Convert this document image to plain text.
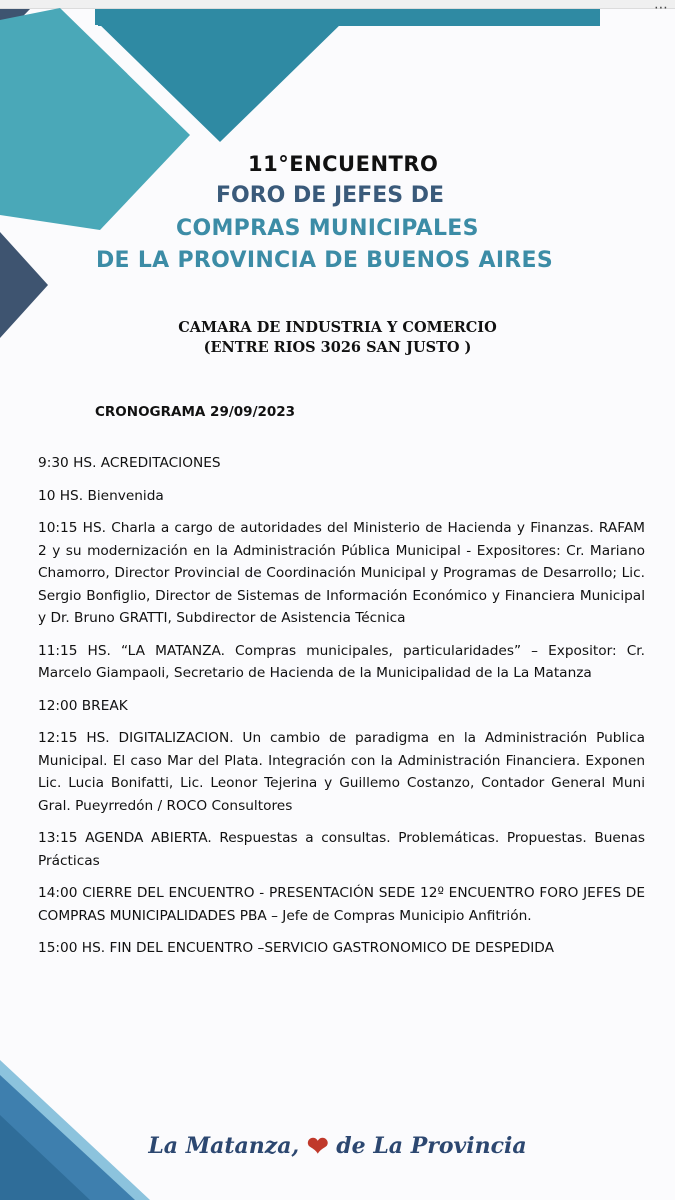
⋯
11°ENCUENTRO
FORO DE JEFES DE
COMPRAS MUNICIPALES
DE LA PROVINCIA DE BUENOS AIRES
CAMARA DE INDUSTRIA Y COMERCIO
(ENTRE RIOS 3026 SAN JUSTO )
CRONOGRAMA 29/09/2023

9:30 HS. ACREDITACIONES

10 HS. Bienvenida

10:15 HS. Charla a cargo de autoridades del Ministerio de Hacienda y Finanzas. RAFAM 2 y su modernización en la Administración Pública Municipal - Expositores: Cr. Mariano Chamorro, Director Provincial de Coordinación Municipal y Programas de Desarrollo; Lic. Sergio Bonfiglio, Director de Sistemas de Información Económico y Financiera Municipal y Dr. Bruno GRATTI, Subdirector de Asistencia Técnica

11:15 HS. “LA MATANZA. Compras municipales, particularidades” – Expositor: Cr. Marcelo Giampaoli, Secretario de Hacienda de la Municipalidad de la La Matanza

12:00 BREAK

12:15 HS. DIGITALIZACION. Un cambio de paradigma en la Administración Publica Municipal. El caso Mar del Plata. Integración con la Administración Financiera. Exponen Lic. Lucia Bonifatti, Lic. Leonor Tejerina y Guillemo Costanzo, Contador General Muni Gral. Pueyrredón / ROCO Consultores

13:15 AGENDA ABIERTA. Respuestas a consultas. Problemáticas. Propuestas. Buenas Prácticas

14:00 CIERRE DEL ENCUENTRO - PRESENTACIÓN SEDE 12º ENCUENTRO FORO JEFES DE COMPRAS MUNICIPALIDADES PBA – Jefe de Compras Municipio Anfitrión.

15:00 HS. FIN DEL ENCUENTRO –SERVICIO GASTRONOMICO DE DESPEDIDA

La Matanza, ❤ de La Provincia
